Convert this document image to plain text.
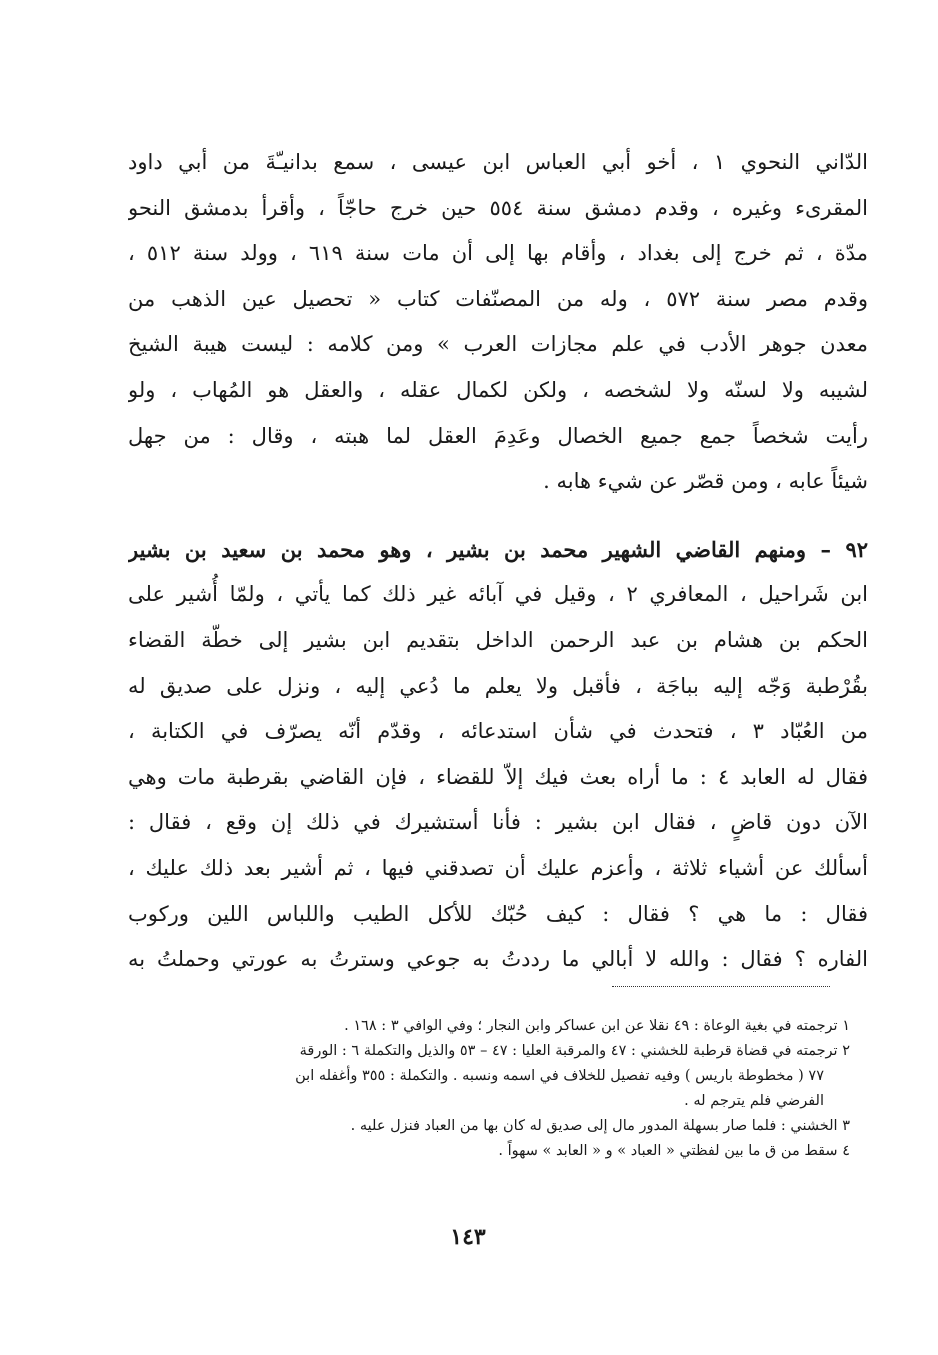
الدّاني النحوي ١ ، أخو أبي العباس ابن عيسى ، سمع بدانيـّةَ من أبي داود
المقرىء وغيره ، وقدم دمشق سنة ٥٥٤ حين خرج حاجّاً ، وأقرأ بدمشق النحو
مدّة ، ثم خرج إلى بغداد ، وأقام بها إلى أن مات سنة ٦١٩ ، وولد سنة ٥١٢ ،
وقدم مصر سنة ٥٧٢ ، وله من المصنّفات كتاب « تحصيل عين الذهب من
معدن جوهر الأدب في علم مجازات العرب » ومن كلامه : ليست هيبة الشيخ
لشيبه ولا لسنّه ولا لشخصه ، ولكن لكمال عقله ، والعقل هو المُهاب ، ولو
رأيت شخصاً جمع جميع الخصال وعَدِمَ العقل لما هبته ، وقال : من جهل
شيئاً عابه ، ومن قصّر عن شيء هابه .
٩٢ – ومنهم القاضي الشهير محمد بن بشير ، وهو محمد بن سعيد بن بشير
ابن شَراحيل ، المعافري ٢ ، وقيل في آبائه غير ذلك كما يأتي ، ولمّا أُشير على
الحكم بن هشام بن عبد الرحمن الداخل بتقديم ابن بشير إلى خطّة القضاء
بقُرْطبة وَجّه إليه بباجَة ، فأقبل ولا يعلم ما دُعي إليه ، ونزل على صديق له
من العُبّاد ٣ ، فتحدث في شأن استدعائه ، وقدّم أنّه يصرّف في الكتابة ،
فقال له العابد ٤ : ما أراه بعث فيك إلاّ للقضاء ، فإن القاضي بقرطبة مات وهي
الآن دون قاضٍ ، فقال ابن بشير : فأنا أستشيرك في ذلك إن وقع ، فقال :
أسألك عن أشياء ثلاثة ، وأعزم عليك أن تصدقني فيها ، ثم أشير بعد ذلك عليك ،
فقال : ما هي ؟ فقال : كيف حُبّك للأكل الطيب واللباس اللين وركوب
الفاره ؟ فقال : والله لا أبالي ما رددتُ به جوعي وسترتُ به عورتي وحملتُ به
١ ترجمته في بغية الوعاة : ٤٩ نقلا عن ابن عساكر وابن النجار ؛ وفي الوافي ٣ : ١٦٨ .
٢ ترجمته في قضاة قرطبة للخشني : ٤٧ والمرقبة العليا : ٤٧ – ٥٣ والذيل والتكملة ٦ : الورقة
٧٧ ( مخطوطة باريس ) وفيه تفصيل للخلاف في اسمه ونسبه . والتكملة : ٣٥٥ وأغفله ابن
الفرضي فلم يترجم له .
٣ الخشني : فلما صار بسهلة المدور مال إلى صديق له كان بها من العباد فنزل عليه .
٤ سقط من ق ما بين لفظتي « العباد » و « العابد » سهواً .
١٤٣
